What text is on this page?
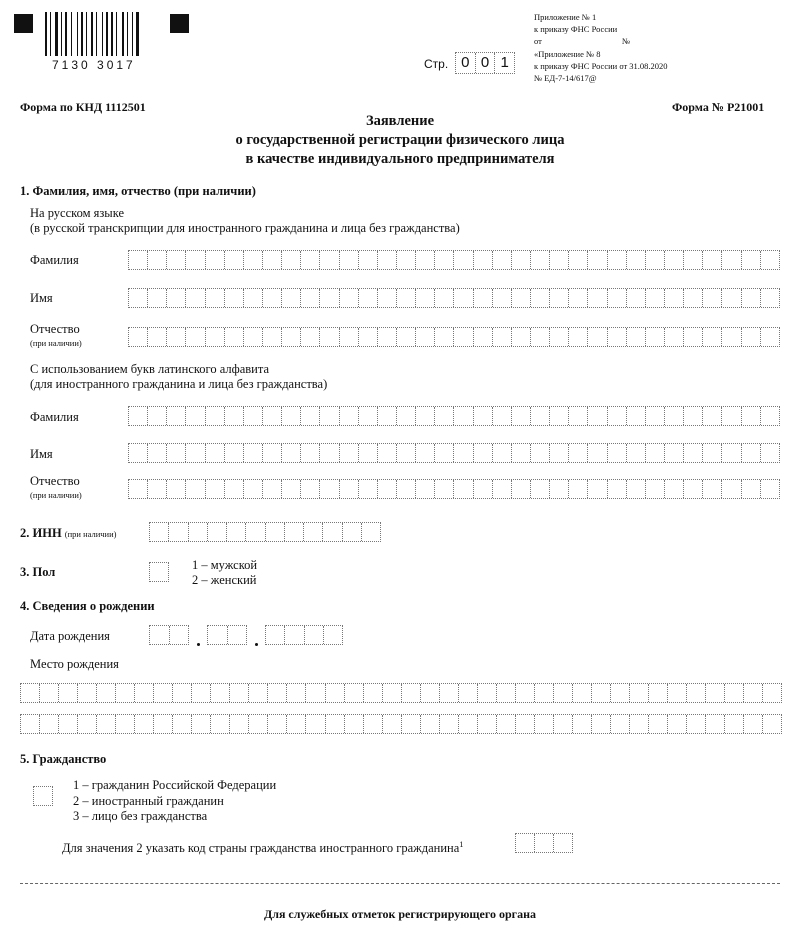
7130 3017	Стр. 0 0 1
Приложение № 1
к приказу ФНС России
от	№
«Приложение № 8
к приказу ФНС России от 31.08.2020
№ ЕД-7-14/617@
Форма по КНД 1112501	Форма № Р21001
Заявление
о государственной регистрации физического лица
в качестве индивидуального предпринимателя
1. Фамилия, имя, отчество (при наличии)
На русском языке
(в русской транскрипции для иностранного гражданина и лица без гражданства)
Фамилия
Имя
Отчество
(при наличии)
С использованием букв латинского алфавита
(для иностранного гражданина и лица без гражданства)
Фамилия
Имя
Отчество
(при наличии)
2. ИНН (при наличии)
3. Пол	1 – мужской
2 – женский
4. Сведения о рождении
Дата рождения
Место рождения
5. Гражданство
1 – гражданин Российской Федерации
2 – иностранный гражданин
3 – лицо без гражданства
Для значения 2 указать код страны гражданства иностранного гражданина$^1$
Для служебных отметок регистрирующего органа
